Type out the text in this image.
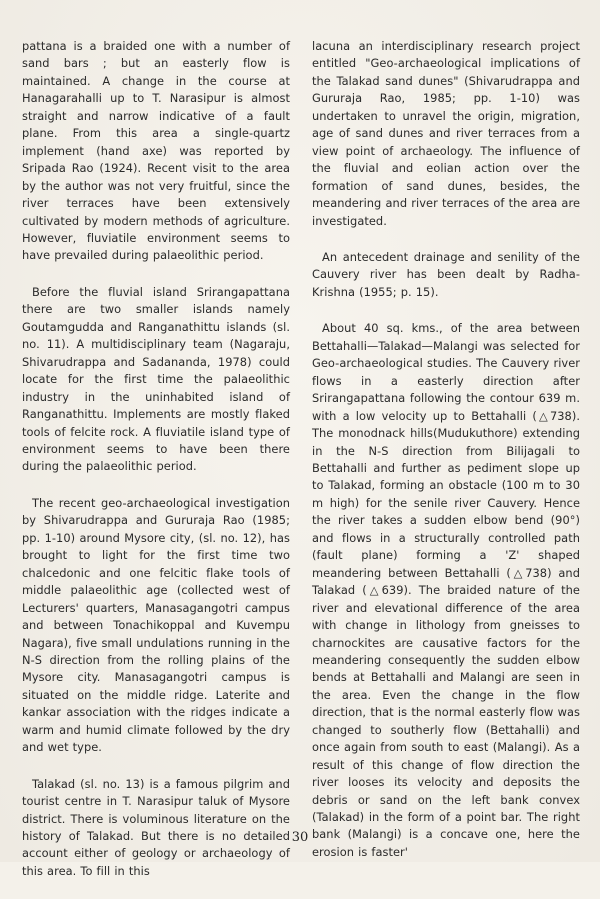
pattana is a braided one with a number of sand bars ; but an easterly flow is maintained. A change in the course at Hanagarahalli up to T. Narasipur is almost straight and narrow indicative of a fault plane. From this area a single-quartz implement (hand axe) was reported by Sripada Rao (1924). Recent visit to the area by the author was not very fruitful, since the river terraces have been extensively cultivated by modern methods of agriculture. However, fluviatile environment seems to have prevailed during palaeolithic period.

Before the fluvial island Srirangapattana there are two smaller islands namely Goutamgudda and Ranganathittu islands (sl. no. 11). A multidisciplinary team (Nagaraju, Shivarudrappa and Sadananda, 1978) could locate for the first time the palaeolithic industry in the uninhabited island of Ranganathittu. Implements are mostly flaked tools of felcite rock. A fluviatile island type of environment seems to have been there during the palaeolithic period.

The recent geo-archaeological investigation by Shivarudrappa and Gururaja Rao (1985; pp. 1-10) around Mysore city, (sl. no. 12), has brought to light for the first time two chalcedonic and one felcitic flake tools of middle palaeolithic age (collected west of Lecturers' quarters, Manasagangotri campus and between Tonachikoppal and Kuvempu Nagara), five small undulations running in the N-S direction from the rolling plains of the Mysore city. Manasagangotri campus is situated on the middle ridge. Laterite and kankar association with the ridges indicate a warm and humid climate followed by the dry and wet type.

Talakad (sl. no. 13) is a famous pilgrim and tourist centre in T. Narasipur taluk of Mysore district. There is voluminous literature on the history of Talakad. But there is no detailed account either of geology or archaeology of this area. To fill in this

lacuna an interdisciplinary research project entitled "Geo-archaeological implications of the Talakad sand dunes" (Shivarudrappa and Gururaja Rao, 1985; pp. 1-10) was undertaken to unravel the origin, migration, age of sand dunes and river terraces from a view point of archaeology. The influence of the fluvial and eolian action over the formation of sand dunes, besides, the meandering and river terraces of the area are investigated.

An antecedent drainage and senility of the Cauvery river has been dealt by Radha-Krishna (1955; p. 15).

About 40 sq. kms., of the area between Bettahalli—Talakad—Malangi was selected for Geo-archaeological studies. The Cauvery river flows in a easterly direction after Srirangapattana following the contour 639 m. with a low velocity up to Bettahalli (△738). The monodnack hills(Mudukuthore) extending in the N-S direction from Bilijagali to Bettahalli and further as pediment slope up to Talakad, forming an obstacle (100 m to 30 m high) for the senile river Cauvery. Hence the river takes a sudden elbow bend (90°) and flows in a structurally controlled path (fault plane) forming a 'Z' shaped meandering between Bettahalli (△738) and Talakad (△639). The braided nature of the river and elevational difference of the area with change in lithology from gneisses to charnockites are causative factors for the meandering consequently the sudden elbow bends at Bettahalli and Malangi are seen in the area. Even the change in the flow direction, that is the normal easterly flow was changed to southerly flow (Bettahalli) and once again from south to east (Malangi). As a result of this change of flow direction the river looses its velocity and deposits the debris or sand on the left bank convex (Talakad) in the form of a point bar. The right bank (Malangi) is a concave one, here the erosion is faster'

30
